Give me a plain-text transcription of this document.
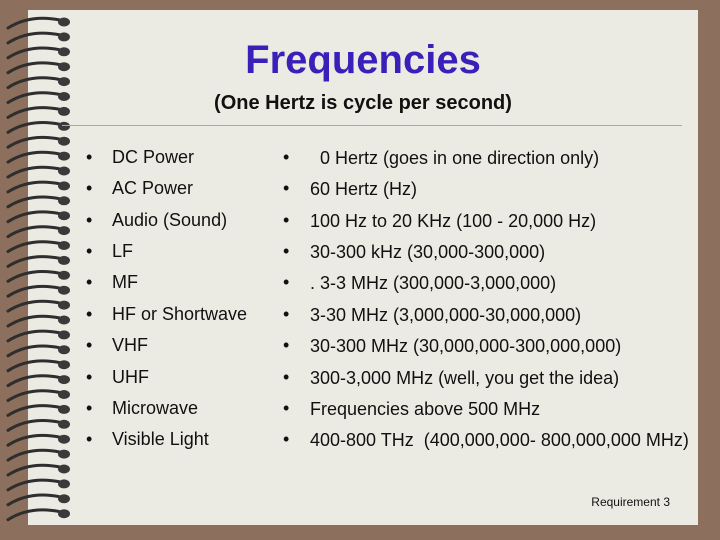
Frequencies
(One Hertz is cycle per second)
•	DC Power	•	0 Hertz (goes in one direction only)
•	AC Power	•	60 Hertz (Hz)
•	Audio (Sound)	•	100 Hz to 20 KHz (100 - 20,000 Hz)
•	LF	•	30-300 kHz (30,000-300,000)
•	MF	•	. 3-3 MHz (300,000-3,000,000)
•	HF or Shortwave •	3-30 MHz (3,000,000-30,000,000)
•	VHF	•	30-300 MHz (30,000,000-300,000,000)
•	UHF	•	300-3,000 MHz (well, you get the idea)
•	Microwave	•	Frequencies above 500 MHz
•	Visible Light	•	400-800 THz  (400,000,000- 800,000,000 MHz)
Requirement 3
